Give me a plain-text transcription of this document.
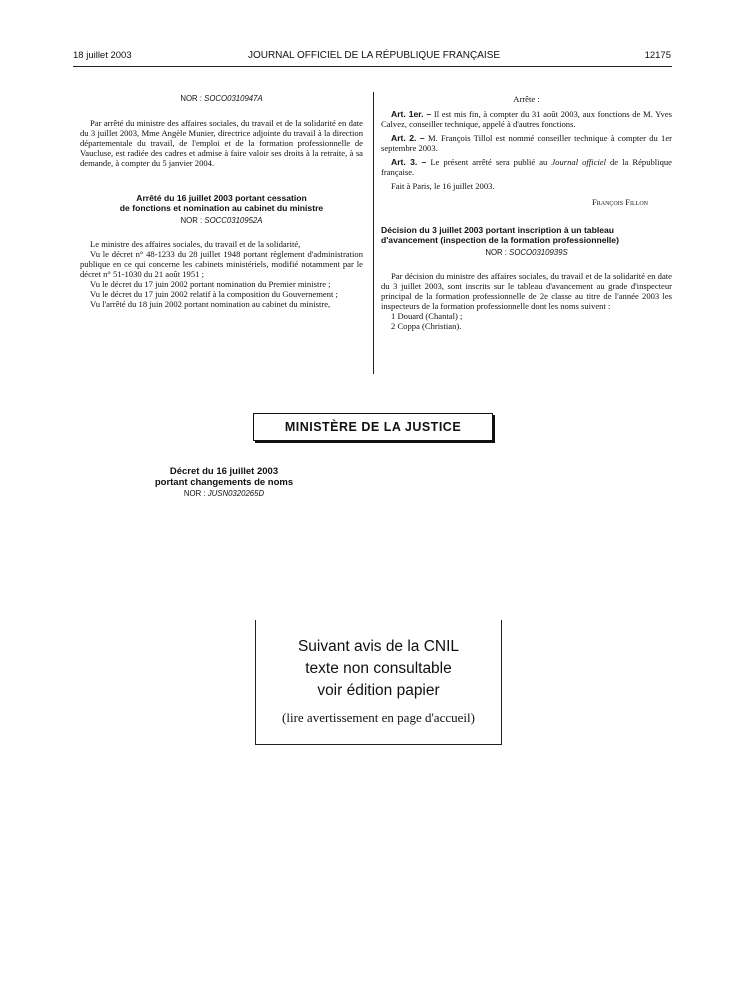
18 juillet 2003	JOURNAL OFFICIEL DE LA RÉPUBLIQUE FRANÇAISE	12175
NOR : SOCO0310947A

Par arrêté du ministre des affaires sociales, du travail et de la solidarité en date du 3 juillet 2003, Mme Angèle Munier, directrice adjointe du travail à la direction départementale du travail, de l'emploi et de la formation professionnelle de Vaucluse, est radiée des cadres et admise à faire valoir ses droits à la retraite, à sa demande, à compter du 5 janvier 2004.

Arrêté du 16 juillet 2003 portant cessation
de fonctions et nomination au cabinet du ministre
NOR : SOCC0310952A

Le ministre des affaires sociales, du travail et de la solidarité,

Vu le décret n° 48-1233 du 28 juillet 1948 portant règlement d'administration publique en ce qui concerne les cabinets ministériels, modifié notamment par le décret n° 51-1030 du 21 août 1951 ;

Vu le décret du 17 juin 2002 portant nomination du Premier ministre ;

Vu le décret du 17 juin 2002 relatif à la composition du Gouvernement ;

Vu l'arrêté du 18 juin 2002 portant nomination au cabinet du ministre,

Arrête :

Art. 1er. – Il est mis fin, à compter du 31 août 2003, aux fonctions de M. Yves Calvez, conseiller technique, appelé à d'autres fonctions.

Art. 2. – M. François Tillol est nommé conseiller technique à compter du 1er septembre 2003.

Art. 3. – Le présent arrêté sera publié au Journal officiel de la République française.

Fait à Paris, le 16 juillet 2003.

François Fillon
Décision du 3 juillet 2003 portant inscription à un tableau d'avancement (inspection de la formation professionnelle)
NOR : SOCO0310939S

Par décision du ministre des affaires sociales, du travail et de la solidarité en date du 3 juillet 2003, sont inscrits sur le tableau d'avancement au grade d'inspecteur principal de la formation professionnelle de 2e classe au titre de l'année 2003 les inspecteurs de la formation professionnelle dont les noms suivent :

1 Douard (Chantal) ;

2 Coppa (Christian).

MINISTÈRE DE LA JUSTICE
Décret du 16 juillet 2003
portant changements de noms
NOR : JUSN0320265D
Suivant avis de la CNIL
texte non consultable
voir édition papier
(lire avertissement en page d'accueil)
